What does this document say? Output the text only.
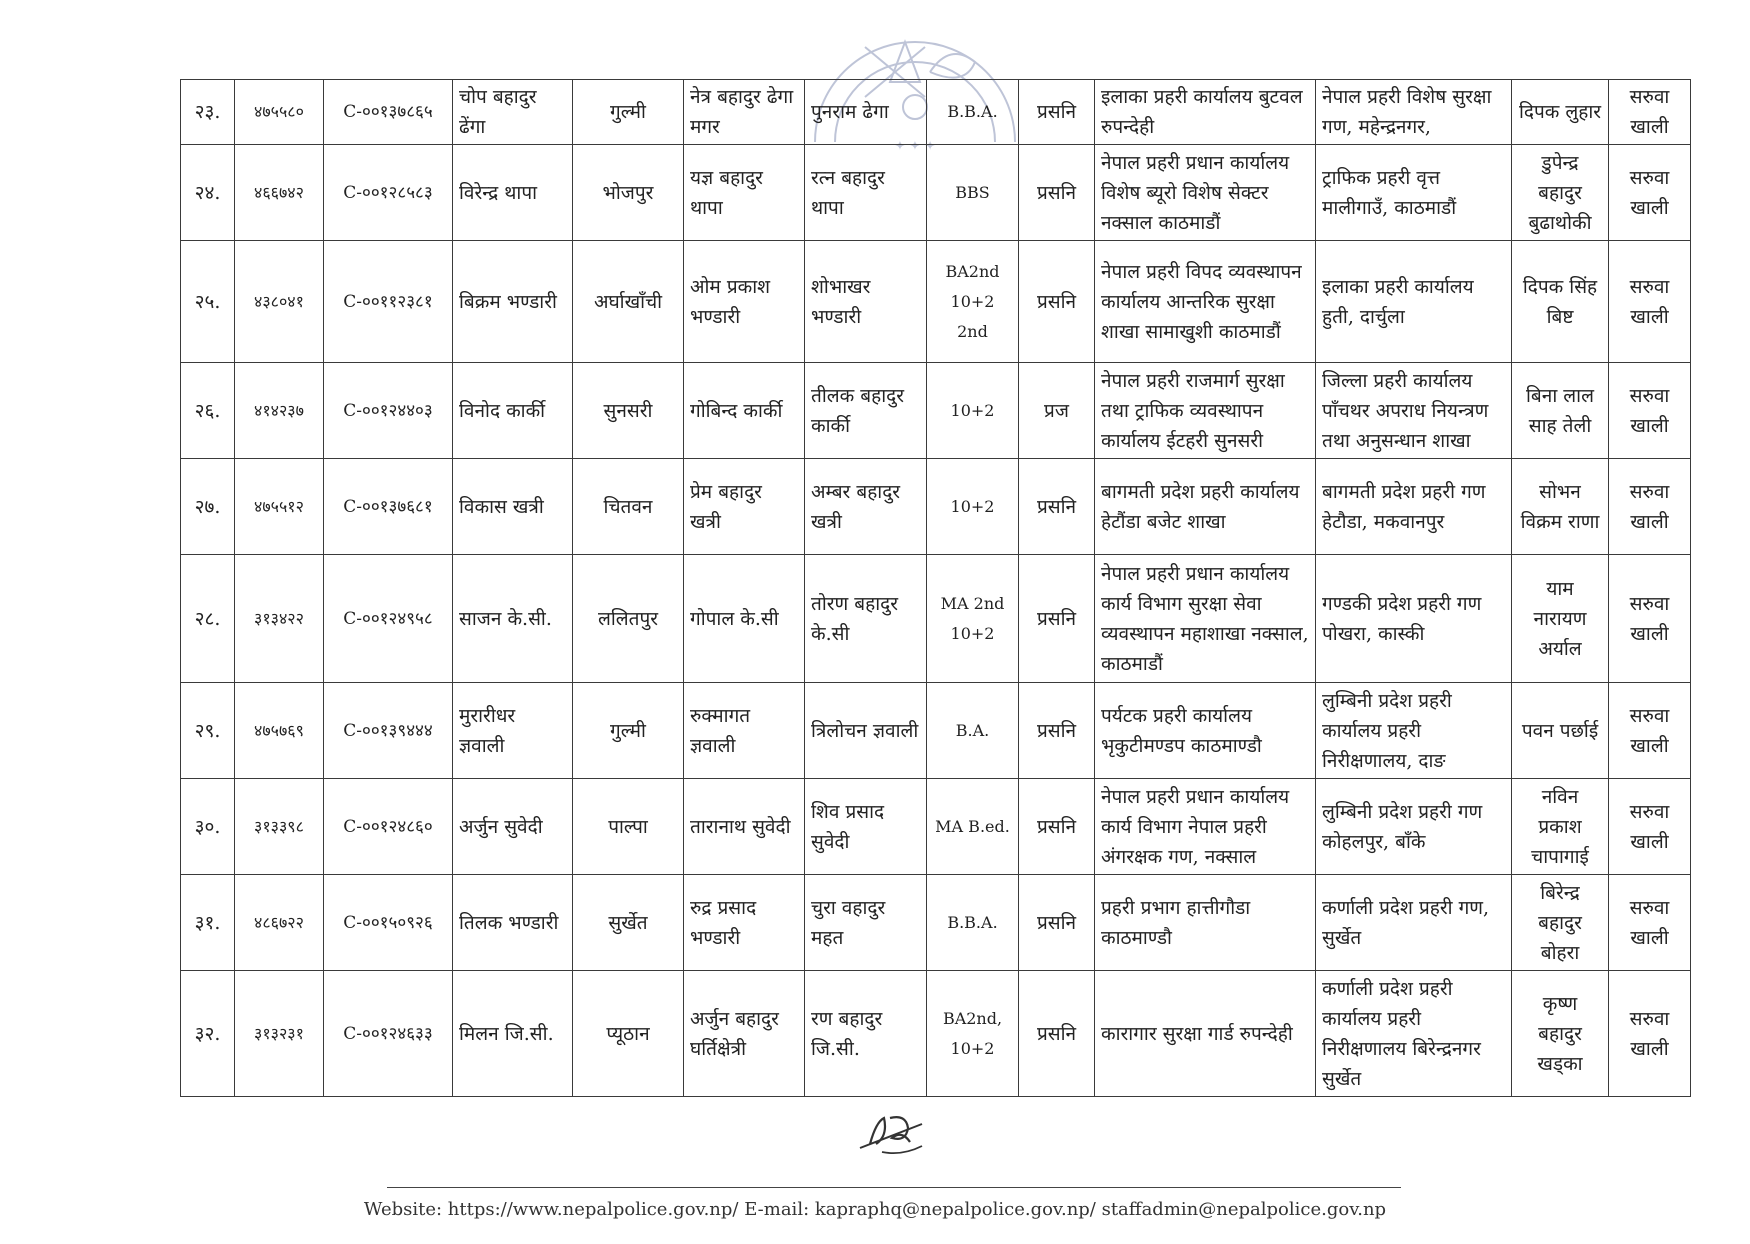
✦ ✦ ✦
२३.	४७५५८०	C-००१३७८६५	चोप बहादुर ढेंगा	गुल्मी	नेत्र बहादुर ढेगा मगर	पुनराम ढेगा	B.B.A.	प्रसनि	इलाका प्रहरी कार्यालय बुटवल रुपन्देही	नेपाल प्रहरी विशेष सुरक्षा गण, महेन्द्रनगर,	दिपक लुहार	सरुवा खाली
२४.	४६६७४२	C-००१२८५८३	विरेन्द्र थापा	भोजपुर	यज्ञ बहादुर थापा	रत्न बहादुर थापा	BBS	प्रसनि	नेपाल प्रहरी प्रधान कार्यालय विशेष ब्यूरो विशेष सेक्टर नक्साल काठमाडौं	ट्राफिक प्रहरी वृत्त मालीगाउँ, काठमाडौं	डुपेन्द्र बहादुर बुढाथोकी	सरुवा खाली
२५.	४३८०४१	C-००११२३८१	बिक्रम भण्डारी	अर्घाखाँची	ओम प्रकाश भण्डारी	शोभाखर भण्डारी	BA2nd 10+2 2nd	प्रसनि	नेपाल प्रहरी विपद व्यवस्थापन कार्यालय आन्तरिक सुरक्षा शाखा सामाखुशी काठमाडौं	इलाका प्रहरी कार्यालय हुती, दार्चुला	दिपक सिंह बिष्ट	सरुवा खाली
२६.	४१४२३७	C-००१२४४०३	विनोद कार्की	सुनसरी	गोबिन्द कार्की	तीलक बहादुर कार्की	10+2	प्रज	नेपाल प्रहरी राजमार्ग सुरक्षा तथा ट्राफिक व्यवस्थापन कार्यालय ईटहरी सुनसरी	जिल्ला प्रहरी कार्यालय पाँचथर अपराध नियन्त्रण तथा अनुसन्धान शाखा	बिना लाल साह तेली	सरुवा खाली
२७.	४७५५१२	C-००१३७६८१	विकास खत्री	चितवन	प्रेम बहादुर खत्री	अम्बर बहादुर खत्री	10+2	प्रसनि	बागमती प्रदेश प्रहरी कार्यालय हेटौंडा बजेट शाखा	बागमती प्रदेश प्रहरी गण हेटौडा, मकवानपुर	सोभन विक्रम राणा	सरुवा खाली
२८.	३१३४२२	C-००१२४९५८	साजन के.सी.	ललितपुर	गोपाल के.सी	तोरण बहादुर के.सी	MA 2nd 10+2	प्रसनि	नेपाल प्रहरी प्रधान कार्यालय कार्य विभाग सुरक्षा सेवा व्यवस्थापन महाशाखा नक्साल, काठमाडौं	गण्डकी प्रदेश प्रहरी गण पोखरा, कास्की	याम नारायण अर्याल	सरुवा खाली
२९.	४७५७६९	C-००१३९४४४	मुरारीधर ज्ञवाली	गुल्मी	रुक्मागत ज्ञवाली	त्रिलोचन ज्ञवाली	B.A.	प्रसनि	पर्यटक प्रहरी कार्यालय भृकुटीमण्डप काठमाण्डौ	लुम्बिनी प्रदेश प्रहरी कार्यालय प्रहरी निरीक्षणालय, दाङ	पवन पर्छाई	सरुवा खाली
३०.	३१३३९८	C-००१२४८६०	अर्जुन सुवेदी	पाल्पा	तारानाथ सुवेदी	शिव प्रसाद सुवेदी	MA B.ed.	प्रसनि	नेपाल प्रहरी प्रधान कार्यालय कार्य विभाग नेपाल प्रहरी अंगरक्षक गण, नक्साल	लुम्बिनी प्रदेश प्रहरी गण कोहलपुर, बाँके	नविन प्रकाश चापागाई	सरुवा खाली
३१.	४८६७२२	C-००१५०९२६	तिलक भण्डारी	सुर्खेत	रुद्र प्रसाद भण्डारी	चुरा वहादुर महत	B.B.A.	प्रसनि	प्रहरी प्रभाग हात्तीगौडा काठमाण्डौ	कर्णाली प्रदेश प्रहरी गण, सुर्खेत	बिरेन्द्र बहादुर बोहरा	सरुवा खाली
३२.	३१३२३१	C-००१२४६३३	मिलन जि.सी.	प्यूठान	अर्जुन बहादुर घर्तिक्षेत्री	रण बहादुर जि.सी.	BA2nd, 10+2	प्रसनि	कारागार सुरक्षा गार्ड रुपन्देही	कर्णाली प्रदेश प्रहरी कार्यालय प्रहरी निरीक्षणालय बिरेन्द्रनगर सुर्खेत	कृष्ण बहादुर खड्का	सरुवा खाली
Website: https://www.nepalpolice.gov.np/ E-mail: kapraphq@nepalpolice.gov.np/ staffadmin@nepalpolice.gov.np
